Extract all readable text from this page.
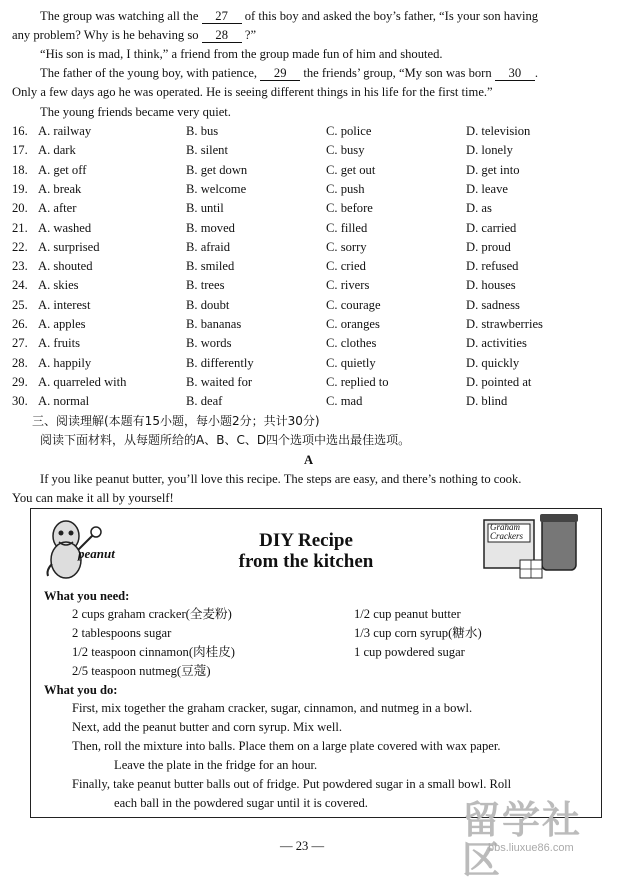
The group was watching all the 27 of this boy and asked the boy’s father, “Is your son having
any problem? Why is he behaving so 28 ?”
“His son is mad, I think,” a friend from the group made fun of him and shouted.
The father of the young boy, with patience, 29 the friends’ group, “My son was born 30 .
Only a few days ago he was operated. He is seeing different things in his life for the first time.”
The young friends became very quiet.
16. A. railway	B. bus	C. police	D. television
17. A. dark	B. silent	C. busy	D. lonely
18. A. get off	B. get down	C. get out	D. get into
19. A. break	B. welcome	C. push	D. leave
20. A. after	B. until	C. before	D. as
21. A. washed	B. moved	C. filled	D. carried
22. A. surprised	B. afraid	C. sorry	D. proud
23. A. shouted	B. smiled	C. cried	D. refused
24. A. skies	B. trees	C. rivers	D. houses
25. A. interest	B. doubt	C. courage	D. sadness
26. A. apples	B. bananas	C. oranges	D. strawberries
27. A. fruits	B. words	C. clothes	D. activities
28. A. happily	B. differently	C. quietly	D. quickly
29. A. quarreled with	B. waited for	C. replied to	D. pointed at
30. A. normal	B. deaf	C. mad	D. blind
三、阅读理解(本题有15小题，每小题2分；共计30分)
阅读下面材料，从每题所给的A、B、C、D四个选项中选出最佳选项。
A
If you like peanut butter, you’ll love this recipe. The steps are easy, and there’s nothing to cook.
You can make it all by yourself!
peanut
DIY Recipe
from the kitchen
Graham
Crackers
What you need:
2 cups graham cracker(全麦粉)
2 tablespoons sugar
1/2 teaspoon cinnamon(肉桂皮)
2/5 teaspoon nutmeg(豆蔻)
1/2 cup peanut butter
1/3 cup corn syrup(糖水)
1 cup powdered sugar
What you do:
First, mix together the graham cracker, sugar, cinnamon, and nutmeg in a bowl.
Next, add the peanut butter and corn syrup. Mix well.
Then, roll the mixture into balls. Place them on a large plate covered with wax paper.
Leave the plate in the fridge for an hour.
Finally, take peanut butter balls out of fridge. Put powdered sugar in a small bowl. Roll
each ball in the powdered sugar until it is covered.
— 23 —
留学社区
bbs.liuxue86.com
